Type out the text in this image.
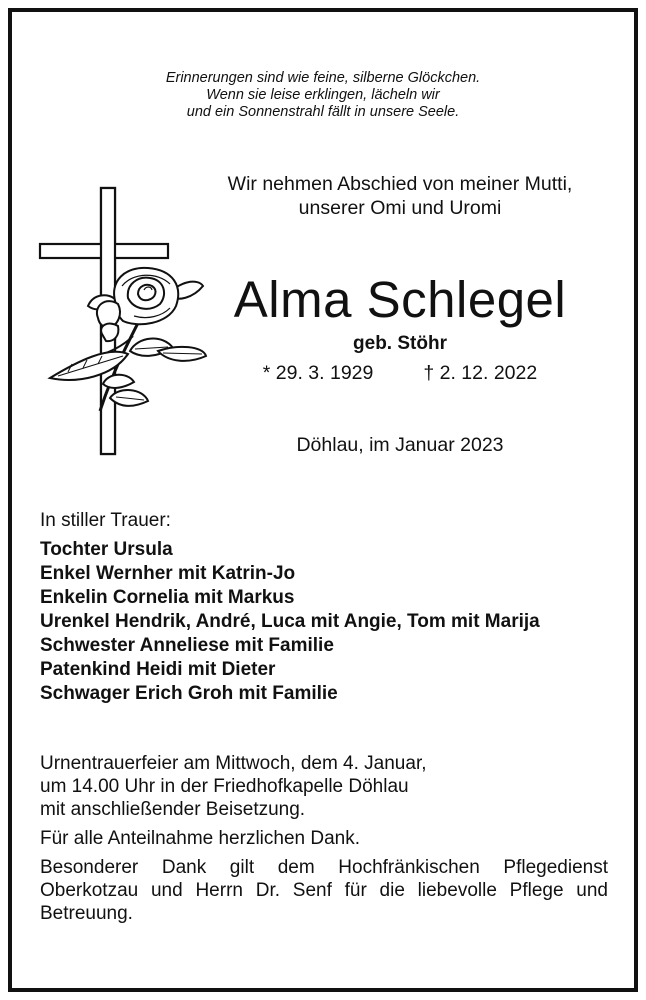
Erinnerungen sind wie feine, silberne Glöckchen.
Wenn sie leise erklingen, lächeln wir
und ein Sonnenstrahl fällt in unsere Seele.
Wir nehmen Abschied von meiner Mutti,
unserer Omi und Uromi
Alma Schlegel
geb. Stöhr
* 29. 3. 1929	† 2. 12. 2022
Döhlau, im Januar 2023
In stiller Trauer:
Tochter Ursula
Enkel Wernher mit Katrin-Jo
Enkelin Cornelia mit Markus
Urenkel Hendrik, André, Luca mit Angie, Tom mit Marija
Schwester Anneliese mit Familie
Patenkind Heidi mit Dieter
Schwager Erich Groh mit Familie

Urnentrauerfeier am Mittwoch, dem 4. Januar,
um 14.00 Uhr in der Friedhofkapelle Döhlau
mit anschließender Beisetzung.

Für alle Anteilnahme herzlichen Dank.

Besonderer Dank gilt dem Hochfränkischen Pflegedienst Oberkotzau und Herrn Dr. Senf für die liebevolle Pflege und Betreuung.
